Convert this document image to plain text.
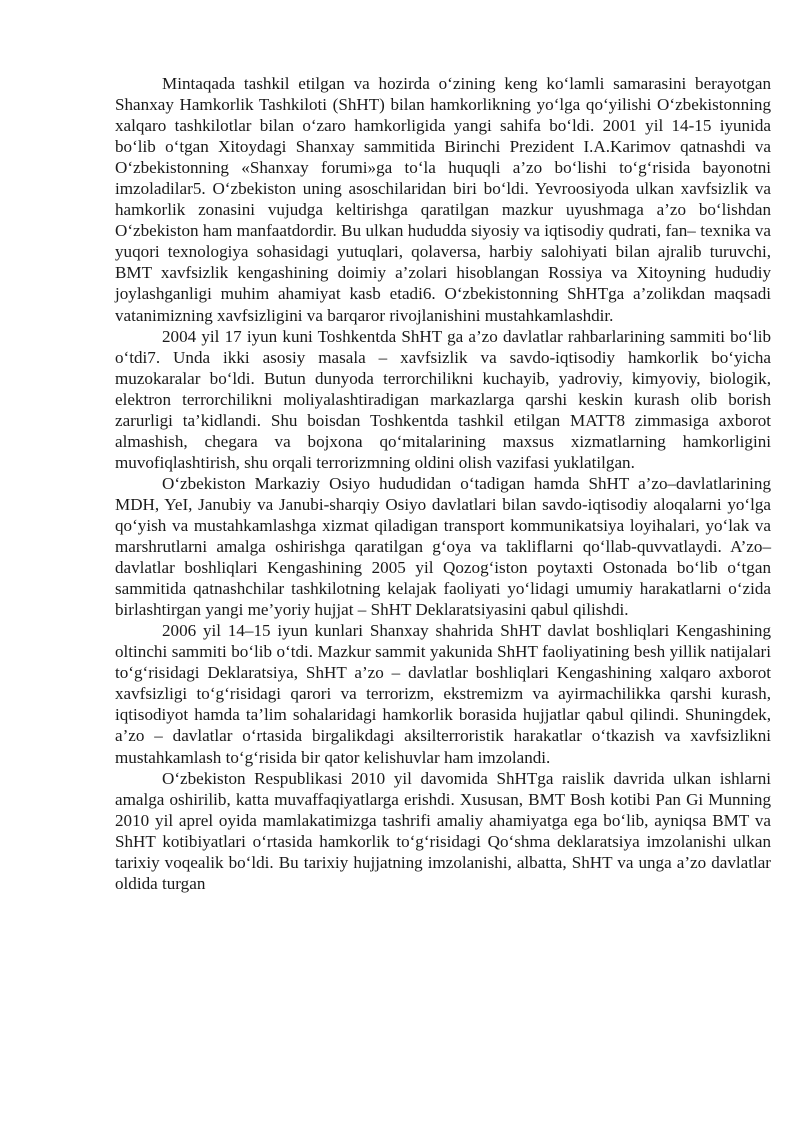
Mintaqada tashkil etilgan va hozirda o‘zining keng ko‘lamli samarasini berayotgan Shanxay Hamkorlik Tashkiloti (ShHT) bilan hamkorlikning yo‘lga qo‘yilishi O‘zbekistonning xalqaro tashkilotlar bilan o‘zaro hamkorligida yangi sahifa bo‘ldi. 2001 yil 14-15 iyunida bo‘lib o‘tgan Xitoydagi Shanxay sammitida Birinchi Prezident I.A.Karimov qatnashdi va O‘zbekistonning «Shanxay forumi»ga to‘la huquqli a’zo bo‘lishi to‘g‘risida bayonotni imzoladilar5. O‘zbekiston uning asoschilaridan biri bo‘ldi. Yevroosiyoda ulkan xavfsizlik va hamkorlik zonasini vujudga keltirishga qaratilgan mazkur uyushmaga a’zo bo‘lishdan O‘zbekiston ham manfaatdordir. Bu ulkan hududda siyosiy va iqtisodiy qudrati, fan– texnika va yuqori texnologiya sohasidagi yutuqlari, qolaversa, harbiy salohiyati bilan ajralib turuvchi, BMT xavfsizlik kengashining doimiy a’zolari hisoblangan Rossiya va Xitoyning hududiy joylashganligi muhim ahamiyat kasb etadi6. O‘zbekistonning ShHTga a’zolikdan maqsadi vatanimizning xavfsizligini va barqaror rivojlanishini mustahkamlashdir.

2004 yil 17 iyun kuni Toshkentda ShHT ga a’zo davlatlar rahbarlarining sammiti bo‘lib o‘tdi7. Unda ikki asosiy masala – xavfsizlik va savdo-iqtisodiy hamkorlik bo‘yicha muzokaralar bo‘ldi. Butun dunyoda terrorchilikni kuchayib, yadroviy, kimyoviy, biologik, elektron terrorchilikni moliyalashtiradigan markazlarga qarshi keskin kurash olib borish zarurligi ta’kidlandi. Shu boisdan Toshkentda tashkil etilgan MATT8 zimmasiga axborot almashish, chegara va bojxona qo‘mitalarining maxsus xizmatlarning hamkorligini muvofiqlashtirish, shu orqali terrorizmning oldini olish vazifasi yuklatilgan.

O‘zbekiston Markaziy Osiyo hududidan o‘tadigan hamda ShHT a’zo–davlatlarining MDH, YeI, Janubiy va Janubi-sharqiy Osiyo davlatlari bilan savdo-iqtisodiy aloqalarni yo‘lga qo‘yish va mustahkamlashga xizmat qiladigan transport kommunikatsiya loyihalari, yo‘lak va marshrutlarni amalga oshirishga qaratilgan g‘oya va takliflarni qo‘llab-quvvatlaydi. A’zo– davlatlar boshliqlari Kengashining 2005 yil Qozog‘iston poytaxti Ostonada bo‘lib o‘tgan sammitida qatnashchilar tashkilotning kelajak faoliyati yo‘lidagi umumiy harakatlarni o‘zida birlashtirgan yangi me’yoriy hujjat – ShHT Deklaratsiyasini qabul qilishdi.

2006 yil 14–15 iyun kunlari Shanxay shahrida ShHT davlat boshliqlari Kengashining oltinchi sammiti bo‘lib o‘tdi. Mazkur sammit yakunida ShHT faoliyatining besh yillik natijalari to‘g‘risidagi Deklaratsiya, ShHT a’zo – davlatlar boshliqlari Kengashining xalqaro axborot xavfsizligi to‘g‘risidagi qarori va terrorizm, ekstremizm va ayirmachilikka qarshi kurash, iqtisodiyot hamda ta’lim sohalaridagi hamkorlik borasida hujjatlar qabul qilindi. Shuningdek, a’zo – davlatlar o‘rtasida birgalikdagi aksilterroristik harakatlar o‘tkazish va xavfsizlikni mustahkamlash to‘g‘risida bir qator kelishuvlar ham imzolandi.

O‘zbekiston Respublikasi 2010 yil davomida ShHTga raislik davrida ulkan ishlarni amalga oshirilib, katta muvaffaqiyatlarga erishdi. Xususan, BMT Bosh kotibi Pan Gi Munning 2010 yil aprel oyida mamlakatimizga tashrifi amaliy ahamiyatga ega bo‘lib, ayniqsa BMT va ShHT kotibiyatlari o‘rtasida hamkorlik to‘g‘risidagi Qo‘shma deklaratsiya imzolanishi ulkan tarixiy voqealik bo‘ldi. Bu tarixiy hujjatning imzolanishi, albatta, ShHT va unga a’zo davlatlar oldida turgan
